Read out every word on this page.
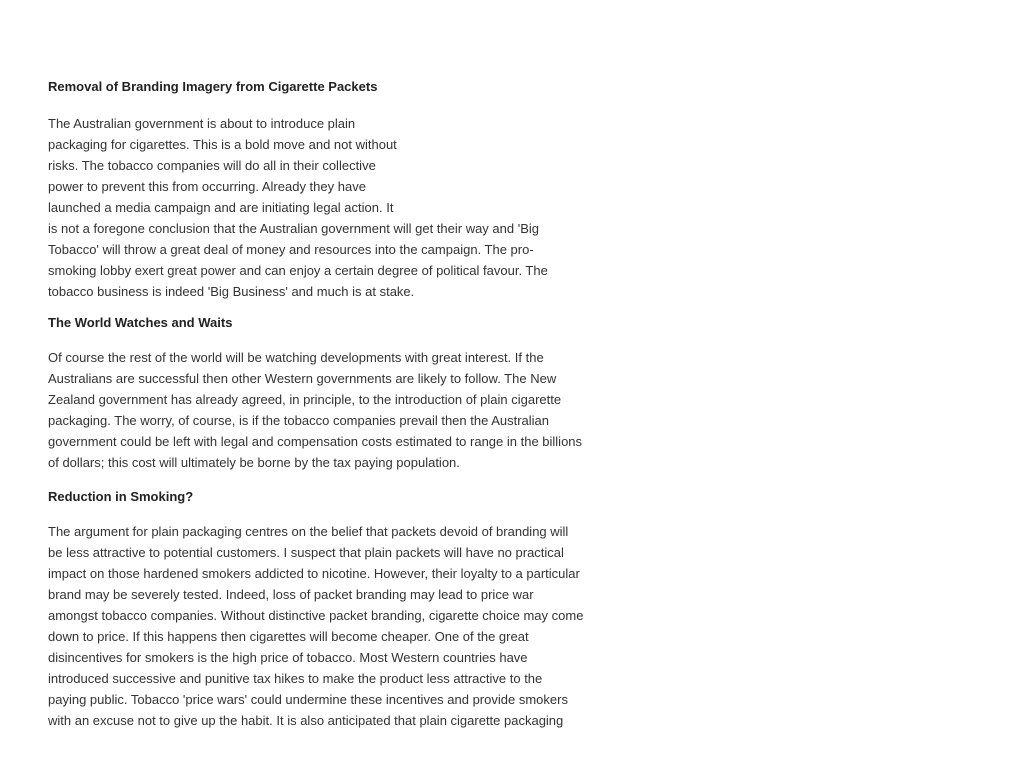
Removal of Branding Imagery from Cigarette Packets

The Australian government is about to introduce plain
packaging for cigarettes. This is a bold move and not without
risks. The tobacco companies will do all in their collective
power to prevent this from occurring. Already they have
launched a media campaign and are initiating legal action. It
is not a foregone conclusion that the Australian government will get their way and 'Big
Tobacco' will throw a great deal of money and resources into the campaign. The pro-
smoking lobby exert great power and can enjoy a certain degree of political favour. The
tobacco business is indeed 'Big Business' and much is at stake.

The World Watches and Waits

Of course the rest of the world will be watching developments with great interest. If the
Australians are successful then other Western governments are likely to follow. The New
Zealand government has already agreed, in principle, to the introduction of plain cigarette
packaging. The worry, of course, is if the tobacco companies prevail then the Australian
government could be left with legal and compensation costs estimated to range in the billions
of dollars; this cost will ultimately be borne by the tax paying population.

Reduction in Smoking?

The argument for plain packaging centres on the belief that packets devoid of branding will
be less attractive to potential customers. I suspect that plain packets will have no practical
impact on those hardened smokers addicted to nicotine. However, their loyalty to a particular
brand may be severely tested. Indeed, loss of packet branding may lead to price war
amongst tobacco companies. Without distinctive packet branding, cigarette choice may come
down to price. If this happens then cigarettes will become cheaper. One of the great
disincentives for smokers is the high price of tobacco. Most Western countries have
introduced successive and punitive tax hikes to make the product less attractive to the
paying public. Tobacco 'price wars' could undermine these incentives and provide smokers
with an excuse not to give up the habit. It is also anticipated that plain cigarette packaging
